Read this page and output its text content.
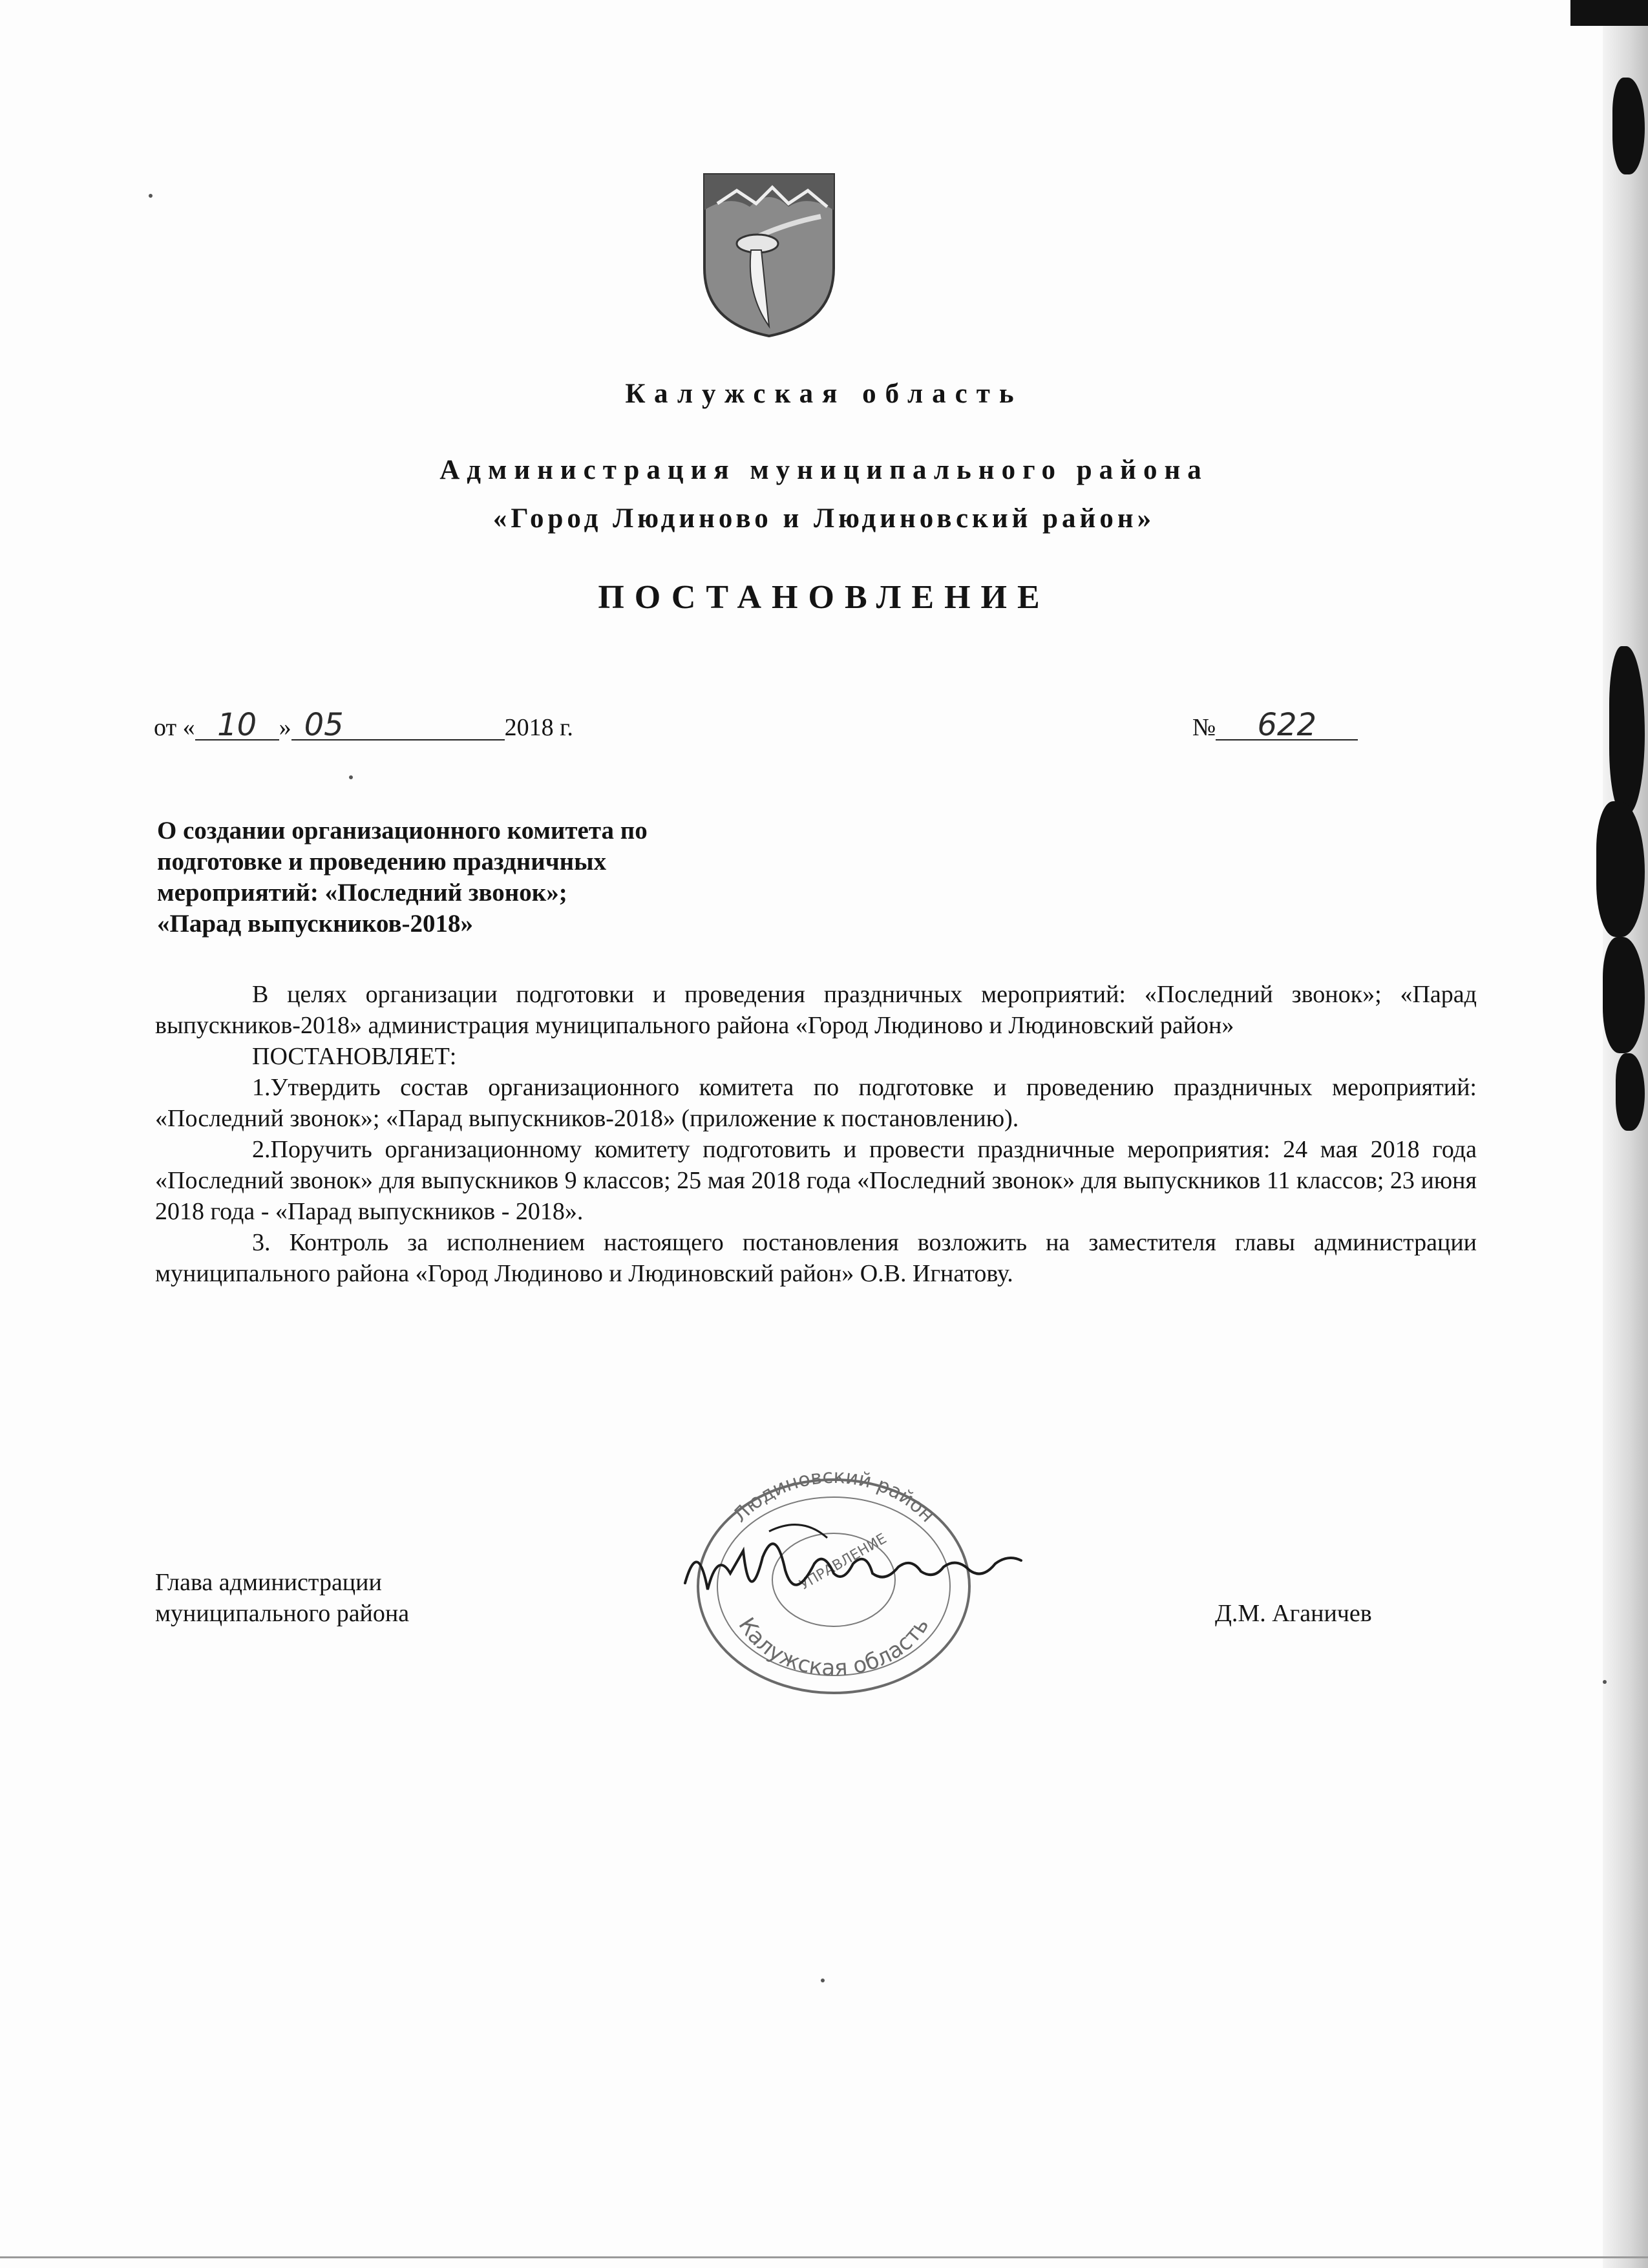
Калужская область
Администрация муниципального района
«Город Людиново и Людиновский район»
ПОСТАНОВЛЕНИЕ
от « 10 » 05	2018 г.	№ 622
О создании организационного комитета по
подготовке и проведению праздничных
мероприятий: «Последний звонок»;
«Парад выпускников-2018»

В целях организации подготовки и проведения праздничных мероприятий: «Последний звонок»; «Парад выпускников-2018» администрация муниципального района «Город Людиново и Людиновский район»

ПОСТАНОВЛЯЕТ:

1.Утвердить состав организационного комитета по подготовке и проведению праздничных мероприятий: «Последний звонок»; «Парад выпускников-2018» (приложение к постановлению).

2.Поручить организационному комитету подготовить и провести праздничные мероприятия: 24 мая 2018 года «Последний звонок» для выпускников 9 классов; 25 мая 2018 года «Последний звонок» для выпускников 11 классов; 23 июня 2018 года - «Парад выпускников - 2018».

3. Контроль за исполнением настоящего постановления возложить на заместителя главы администрации муниципального района «Город Людиново и Людиновский район» О.В. Игнатову.

Людиновский район
Калужская область
УПРАВЛЕНИЕ
Глава администрации
муниципального района	Д.М. Аганичев
